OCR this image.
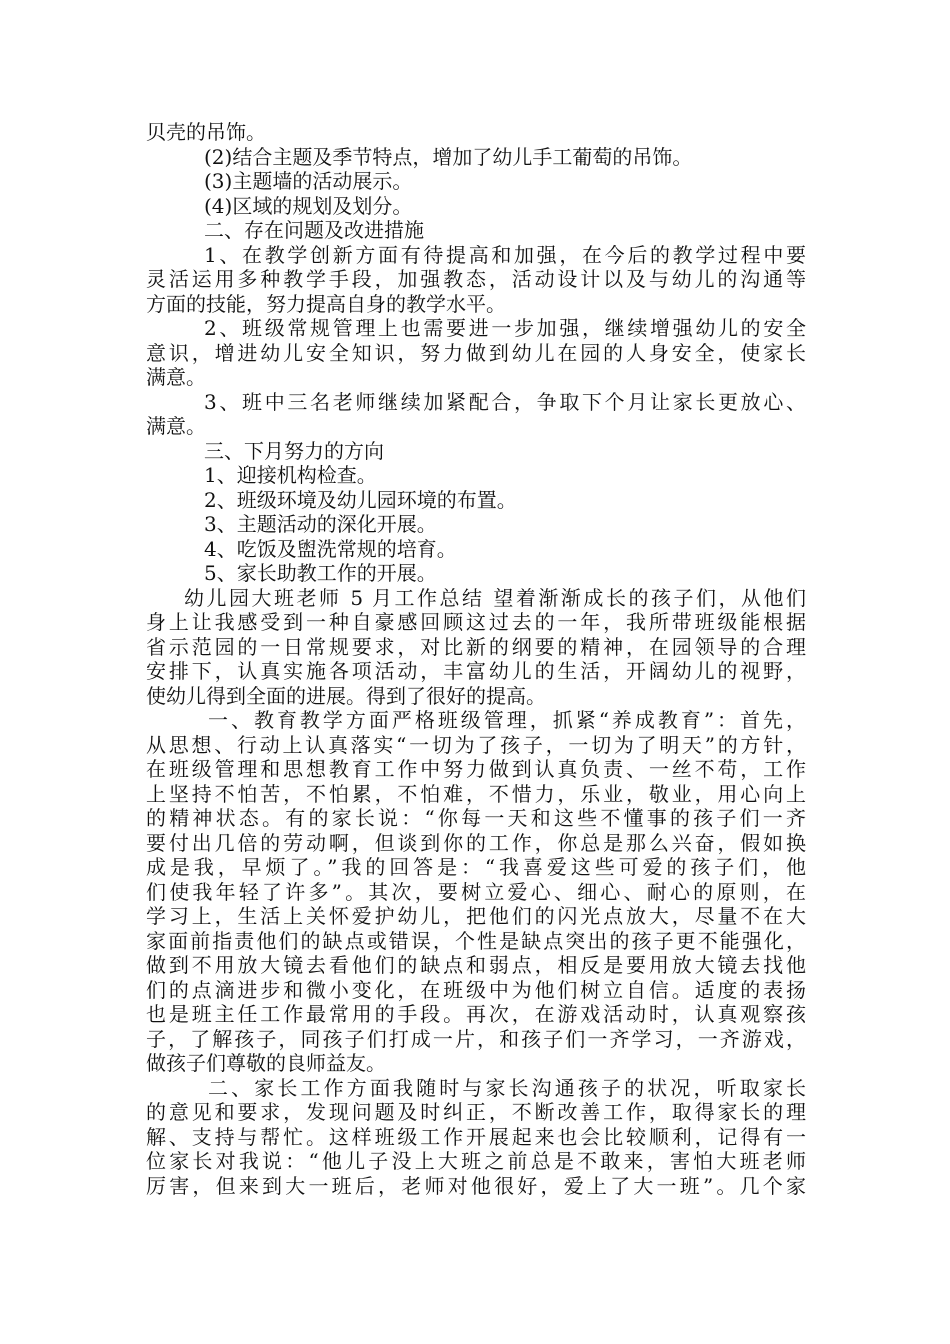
贝壳的吊饰。
(2)结合主题及季节特点，增加了幼儿手工葡萄的吊饰。
(3)主题墙的活动展示。
(4)区域的规划及划分。
二、存在问题及改进措施
1、在教学创新方面有待提高和加强，在今后的教学过程中要
灵活运用多种教学手段，加强教态，活动设计以及与幼儿的沟通等
方面的技能，努力提高自身的教学水平。
2、班级常规管理上也需要进一步加强，继续增强幼儿的安全
意识，增进幼儿安全知识，努力做到幼儿在园的人身安全，使家长
满意。
3、班中三名老师继续加紧配合，争取下个月让家长更放心、
满意。
三、下月努力的方向
1、迎接机构检查。
2、班级环境及幼儿园环境的布置。
3、主题活动的深化开展。
4、吃饭及盥洗常规的培育。
5、家长助教工作的开展。
幼儿园大班老师 5 月工作总结 望着渐渐成长的孩子们，从他们
身上让我感受到一种自豪感回顾这过去的一年，我所带班级能根据
省示范园的一日常规要求，对比新的纲要的精神，在园领导的合理
安排下，认真实施各项活动，丰富幼儿的生活，开阔幼儿的视野，
使幼儿得到全面的进展。得到了很好的提高。
一、教育教学方面严格班级管理，抓紧“养成教育”：首先，
从思想、行动上认真落实“一切为了孩子，一切为了明天”的方针，
在班级管理和思想教育工作中努力做到认真负责、一丝不苟，工作
上坚持不怕苦，不怕累，不怕难，不惜力，乐业，敬业，用心向上
的精神状态。有的家长说：“你每一天和这些不懂事的孩子们一齐
要付出几倍的劳动啊，但谈到你的工作，你总是那么兴奋，假如换
成是我，早烦了。”我的回答是：“我喜爱这些可爱的孩子们，他
们使我年轻了许多”。其次，要树立爱心、细心、耐心的原则，在
学习上，生活上关怀爱护幼儿，把他们的闪光点放大，尽量不在大
家面前指责他们的缺点或错误，个性是缺点突出的孩子更不能强化，
做到不用放大镜去看他们的缺点和弱点，相反是要用放大镜去找他
们的点滴进步和微小变化，在班级中为他们树立自信。适度的表扬
也是班主任工作最常用的手段。再次，在游戏活动时，认真观察孩
子，了解孩子，同孩子们打成一片，和孩子们一齐学习，一齐游戏，
做孩子们尊敬的良师益友。
二、家长工作方面我随时与家长沟通孩子的状况，听取家长
的意见和要求，发现问题及时纠正，不断改善工作，取得家长的理
解、支持与帮忙。这样班级工作开展起来也会比较顺利，记得有一
位家长对我说：“他儿子没上大班之前总是不敢来，害怕大班老师
厉害，但来到大一班后，老师对他很好，爱上了大一班”。几个家
